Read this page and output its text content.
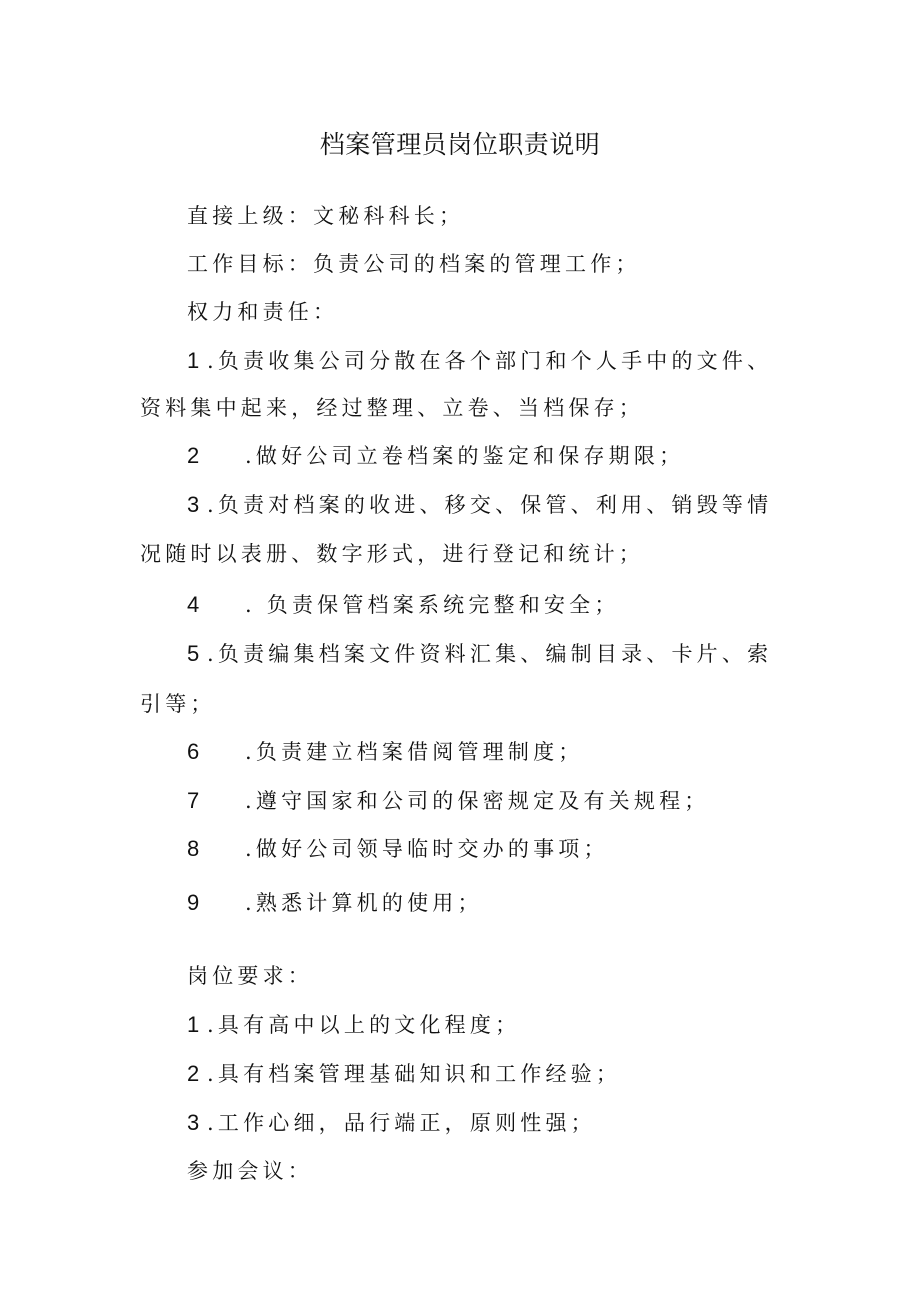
档案管理员岗位职责说明
直接上级：文秘科科长；
工作目标：负责公司的档案的管理工作；
权力和责任：
1 .负责收集公司分散在各个部门和个人手中的文件、
资料集中起来，经过整理、立卷、当档保存；
2 .做好公司立卷档案的鉴定和保存期限；
3 .负责对档案的收进、移交、保管、利用、销毁等情
况随时以表册、数字形式，进行登记和统计；
4 . 负责保管档案系统完整和安全；
5 .负责编集档案文件资料汇集、编制目录、卡片、索
引等；
6 .负责建立档案借阅管理制度；
7 .遵守国家和公司的保密规定及有关规程；
8 .做好公司领导临时交办的事项；
9 .熟悉计算机的使用；
岗位要求：
1 .具有高中以上的文化程度；
2 .具有档案管理基础知识和工作经验；
3 .工作心细，品行端正，原则性强；
参加会议：
